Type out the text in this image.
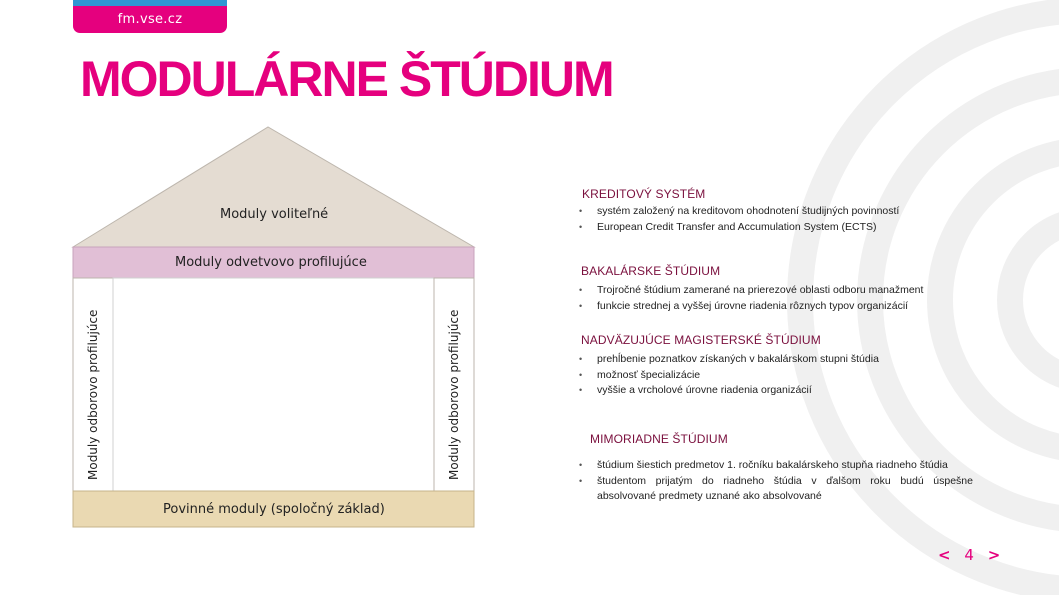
fm.vse.cz
MODULÁRNE ŠTÚDIUM
Moduly voliteľné
Moduly odvetvovo profilujúce
Moduly odborovo profilujúce	Moduly odborovo profilujúce
Povinné moduly (spoločný základ)
KREDITOVÝ SYSTÉM
• systém založený na kreditovom ohodnotení študijných povinností
• European Credit Transfer and Accumulation System (ECTS)
BAKALÁRSKE ŠTÚDIUM
• Trojročné štúdium zamerané na prierezové oblasti odboru manažment
• funkcie strednej a vyššej úrovne riadenia rôznych typov organizácií
NADVÄZUJÚCE MAGISTERSKÉ ŠTÚDIUM
• prehĺbenie poznatkov získaných v bakalárskom stupni štúdia
• možnosť špecializácie
• vyššie a vrcholové úrovne riadenia organizácií
MIMORIADNE ŠTÚDIUM
• štúdium šiestich predmetov 1. ročníku bakalárskeho stupňa riadneho štúdia
• študentom prijatým do riadneho štúdia v ďalšom roku budú úspešne absolvované predmety uznané ako absolvované
< 4 >
